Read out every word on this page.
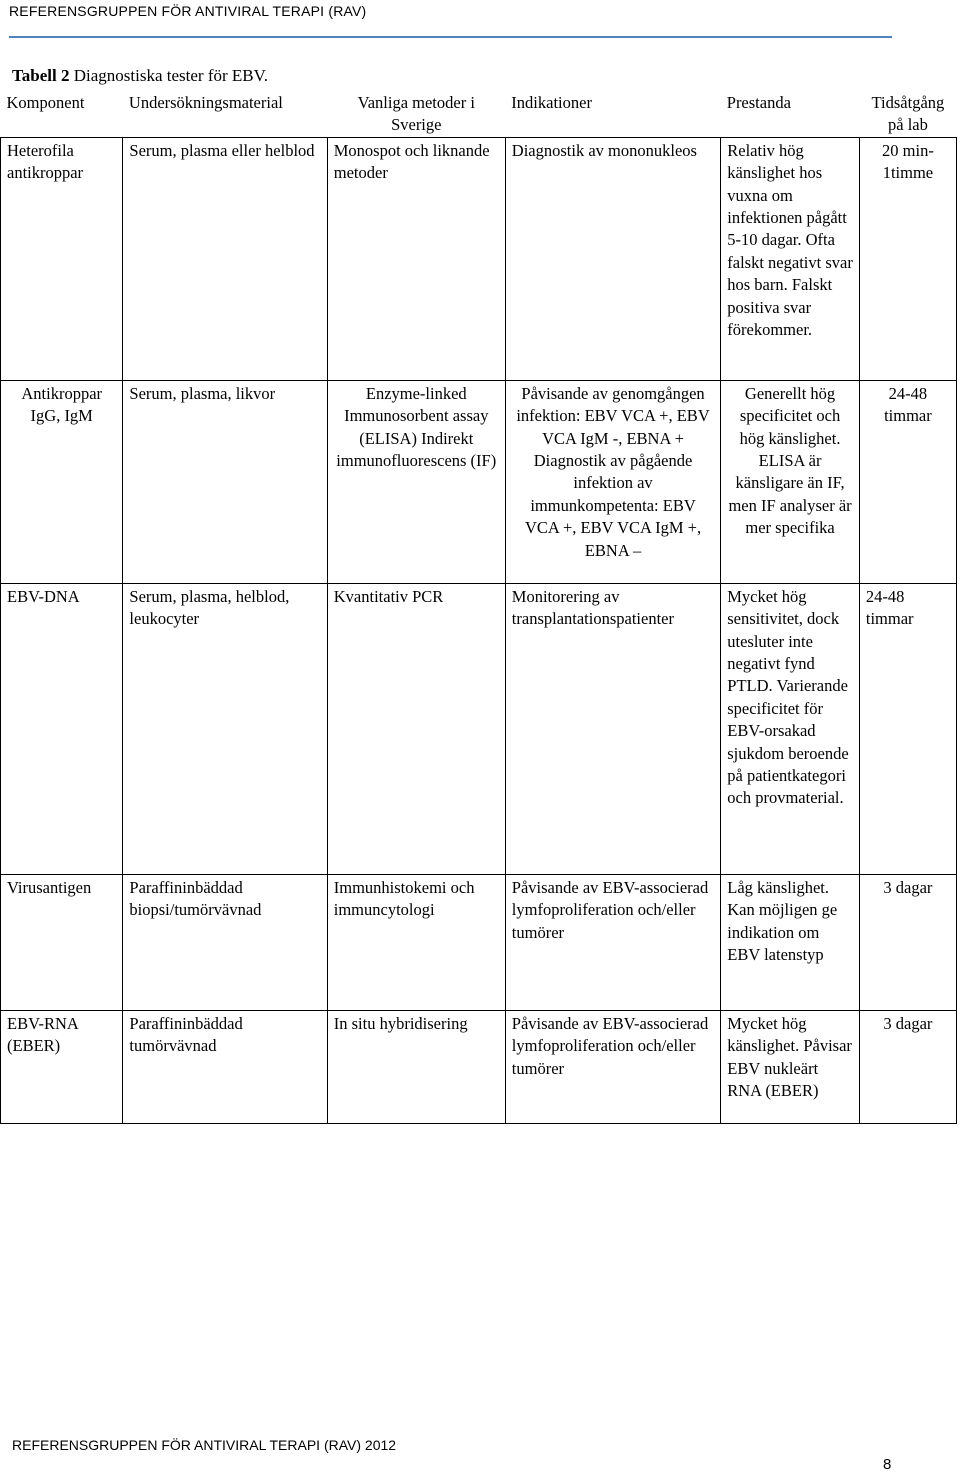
REFERENSGRUPPEN FÖR ANTIVIRAL TERAPI (RAV)
Tabell 2 Diagnostiska tester för EBV.
Komponent	Undersökningsmaterial	Vanliga metoder i Sverige	Indikationer	Prestanda	Tidsåtgång på lab
Heterofila antikroppar	Serum, plasma eller helblod	Monospot och liknande metoder	Diagnostik av mononukleos	Relativ hög känslighet hos vuxna om infektionen pågått 5-10 dagar. Ofta falskt negativt svar hos barn. Falskt positiva svar förekommer.	20 min-1timme
Antikroppar IgG, IgM	Serum, plasma, likvor	Enzyme-linked Immunosorbent assay (ELISA) Indirekt immunofluorescens (IF)	Påvisande av genomgången infektion: EBV VCA +, EBV VCA IgM -, EBNA + Diagnostik av pågående infektion av immunkompetenta: EBV VCA +, EBV VCA IgM +, EBNA –	Generellt hög specificitet och hög känslighet. ELISA är känsligare än IF, men IF analyser är mer specifika	24-48 timmar
EBV-DNA	Serum, plasma, helblod, leukocyter	Kvantitativ PCR	Monitorering av transplantationspatienter	Mycket hög sensitivitet, dock utesluter inte negativt fynd PTLD. Varierande specificitet för EBV-orsakad sjukdom beroende på patientkategori och provmaterial.	24-48 timmar
Virusantigen	Paraffininbäddad biopsi/tumörvävnad	Immunhistokemi och immuncytologi	Påvisande av EBV-associerad lymfoproliferation och/eller tumörer	Låg känslighet. Kan möjligen ge indikation om EBV latenstyp	3 dagar
EBV-RNA (EBER)	Paraffininbäddad tumörvävnad	In situ hybridisering	Påvisande av EBV-associerad lymfoproliferation och/eller tumörer	Mycket hög känslighet. Påvisar EBV nukleärt RNA (EBER)	3 dagar
REFERENSGRUPPEN FÖR ANTIVIRAL TERAPI (RAV) 2012
8
